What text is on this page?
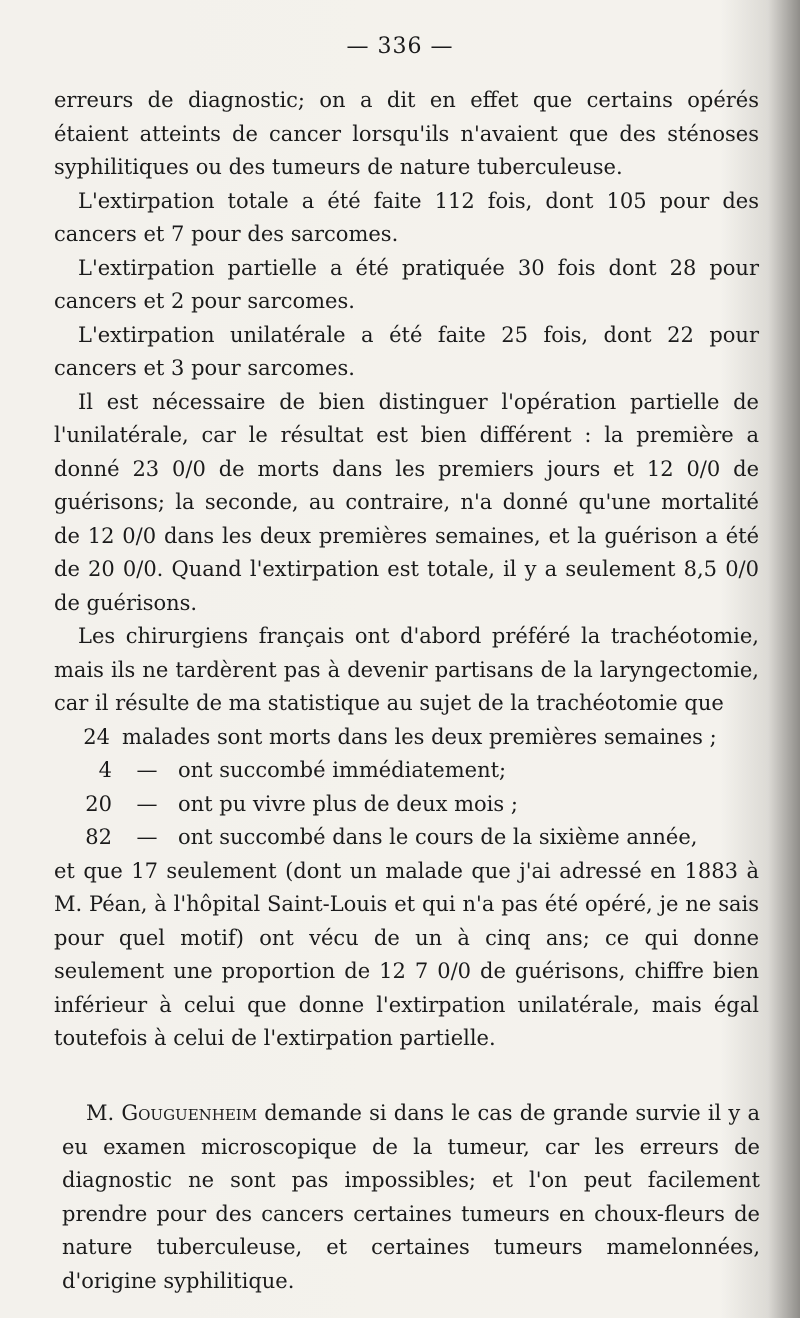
— 336 —

erreurs de diagnostic; on a dit en effet que certains opérés étaient atteints de cancer lorsqu'ils n'avaient que des sténoses syphilitiques ou des tumeurs de nature tuberculeuse.

L'extirpation totale a été faite 112 fois, dont 105 pour des cancers et 7 pour des sarcomes.

L'extirpation partielle a été pratiquée 30 fois dont 28 pour cancers et 2 pour sarcomes.

L'extirpation unilatérale a été faite 25 fois, dont 22 pour cancers et 3 pour sarcomes.

Il est nécessaire de bien distinguer l'opération partielle de l'unilatérale, car le résultat est bien différent : la première a donné 23 0/0 de morts dans les premiers jours et 12 0/0 de guérisons; la seconde, au contraire, n'a donné qu'une mortalité de 12 0/0 dans les deux premières semaines, et la guérison a été de 20 0/0. Quand l'extirpation est totale, il y a seulement 8,5 0/0 de guérisons.

Les chirurgiens français ont d'abord préféré la trachéotomie, mais ils ne tardèrent pas à devenir partisans de la laryngectomie, car il résulte de ma statistique au sujet de la trachéotomie que

24 malades sont morts dans les deux premières semaines ;
4	— ont succombé immédiatement;
20	— ont pu vivre plus de deux mois ;
82	— ont succombé dans le cours de la sixième année,

et que 17 seulement (dont un malade que j'ai adressé en 1883 à M. Péan, à l'hôpital Saint-Louis et qui n'a pas été opéré, je ne sais pour quel motif) ont vécu de un à cinq ans; ce qui donne seulement une proportion de 12 7 0/0 de guérisons, chiffre bien inférieur à celui que donne l'extirpation unilatérale, mais égal toutefois à celui de l'extirpation partielle.

M. Gouguenheim demande si dans le cas de grande survie il y a eu examen microscopique de la tumeur, car les erreurs de diagnostic ne sont pas impossibles; et l'on peut facilement prendre pour des cancers certaines tumeurs en choux-fleurs de nature tuberculeuse, et certaines tumeurs mamelonnées, d'origine syphilitique.
